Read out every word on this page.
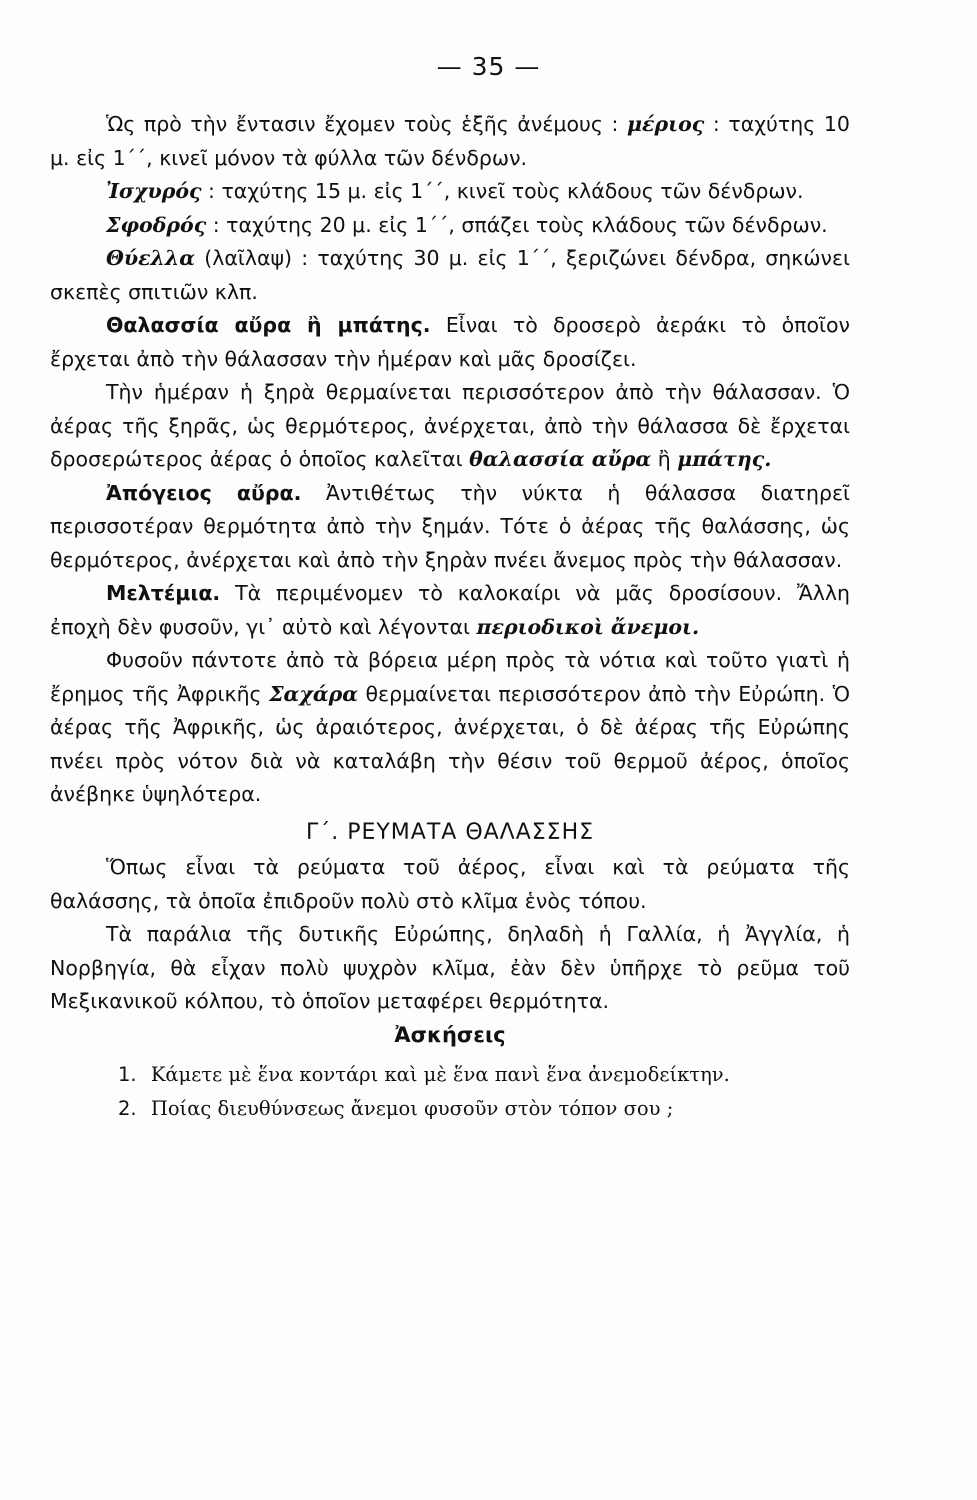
— 35 —

Ὡς πρὸ τὴν ἔντασιν ἔχομεν τοὺς ἑξῆς ἀνέμους : μέριος : ταχύτης 10 μ. εἰς 1΄΄, κινεῖ μόνον τὰ φύλλα τῶν δένδρων.

Ἰσχυρός : ταχύτης 15 μ. εἰς 1΄΄, κινεῖ τοὺς κλάδους τῶν δένδρων.

Σφοδρός : ταχύτης 20 μ. εἰς 1΄΄, σπάζει τοὺς κλάδους τῶν δένδρων.

Θύελλα (λαῖλαψ) : ταχύτης 30 μ. εἰς 1΄΄, ξεριζώνει δένδρα, σηκώνει σκεπὲς σπιτιῶν κλπ.

Θαλασσία αὔρα ἢ μπάτης. Εἶναι τὸ δροσερὸ ἀεράκι τὸ ὁποῖον ἔρχεται ἀπὸ τὴν θάλασσαν τὴν ἡμέραν καὶ μᾶς δροσίζει.

Τὴν ἡμέραν ἡ ξηρὰ θερμαίνεται περισσότερον ἀπὸ τὴν θάλασσαν. Ὁ ἀέρας τῆς ξηρᾶς, ὡς θερμότερος, ἀνέρχεται, ἀπὸ τὴν θάλασσα δὲ ἔρχεται δροσερώτερος ἀέρας ὁ ὁποῖος καλεῖται θαλασσία αὔρα ἢ μπάτης.

Ἀπόγειος αὔρα. Ἀντιθέτως τὴν νύκτα ἡ θάλασσα διατηρεῖ περισσοτέραν θερμότητα ἀπὸ τὴν ξημάν. Τότε ὁ ἀέρας τῆς θαλάσσης, ὡς θερμότερος, ἀνέρχεται καὶ ἀπὸ τὴν ξηρὰν πνέει ἄνεμος πρὸς τὴν θάλασσαν.

Μελτέμια. Τὰ περιμένομεν τὸ καλοκαίρι νὰ μᾶς δροσίσουν. Ἄλλη ἐποχὴ δὲν φυσοῦν, γι᾽ αὐτὸ καὶ λέγονται περιοδικοὶ ἄνεμοι.

Φυσοῦν πάντοτε ἀπὸ τὰ βόρεια μέρη πρὸς τὰ νότια καὶ τοῦτο γιατὶ ἡ ἔρημος τῆς Ἀφρικῆς Σαχάρα θερμαίνεται περισσότερον ἀπὸ τὴν Εὐρώπη. Ὁ ἀέρας τῆς Ἀφρικῆς, ὡς ἀραιότερος, ἀνέρχεται, ὁ δὲ ἀέρας τῆς Εὐρώπης πνέει πρὸς νότον διὰ νὰ καταλάβη τὴν θέσιν τοῦ θερμοῦ ἀέρος, ὁποῖος ἀνέβηκε ὑψηλότερα.

Γ΄. ΡΕΥΜΑΤΑ ΘΑΛΑΣΣΗΣ

Ὅπως εἶναι τὰ ρεύματα τοῦ ἀέρος, εἶναι καὶ τὰ ρεύματα τῆς θαλάσσης, τὰ ὁποῖα ἐπιδροῦν πολὺ στὸ κλῖμα ἑνὸς τόπου.

Τὰ παράλια τῆς δυτικῆς Εὐρώπης, δηλαδὴ ἡ Γαλλία, ἡ Ἀγγλία, ἡ Νορβηγία, θὰ εἶχαν πολὺ ψυχρὸν κλῖμα, ἐὰν δὲν ὑπῆρχε τὸ ρεῦμα τοῦ Μεξικανικοῦ κόλπου, τὸ ὁποῖον μεταφέρει θερμότητα.

Ἀσκήσεις

1. Κάμετε μὲ ἕνα κοντάρι καὶ μὲ ἕνα πανὶ ἕνα ἀνεμοδείκτην.

2. Ποίας διευθύνσεως ἄνεμοι φυσοῦν στὸν τόπον σου ;
